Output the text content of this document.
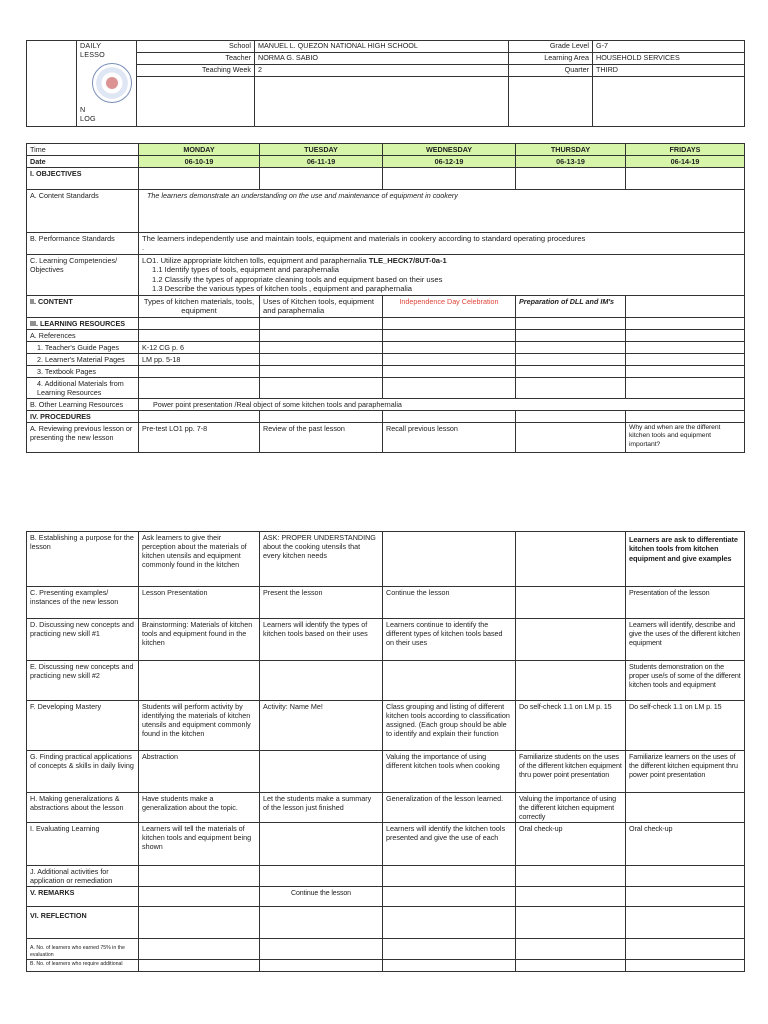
	DAILY
LESSO
N
LOG	School	MANUEL L. QUEZON NATIONAL HIGH SCHOOL	Grade Level	G-7
		Teacher	NORMA G. SABIO	Learning Area	HOUSEHOLD SERVICES
		Teaching Week	2	Quarter	THIRD

Time	MONDAY	TUESDAY	WEDNESDAY	THURSDAY	FRIDAYS
Date	06-10-19	06-11-19	06-12-19	06-13-19	06-14-19
I. OBJECTIVES					
A. Content Standards	The learners demonstrate an understanding on the use and maintenance of equipment in cookery				
B. Performance Standards	The learners independently use and maintain tools, equipment and materials in cookery according to standard operating procedures
.				

C. Learning Competencies/ Objectives	LO1. Utilize appropriate kitchen tolls, equipment and paraphernalia TLE_HECK7/8UT-0a-1
1.1 Identify types of tools, equipment and paraphernalia
1.2 Classify the types of appropriate cleaning tools and equipment based on their uses
1.3 Describe the various types of kitchen tools , equipment and paraphernalia				

II. CONTENT	Types of kitchen materials, tools, equipment	Uses of Kitchen tools, equipment and paraphernalia	Independence Day Celebration	Preparation of DLL and IM's	
III. LEARNING RESOURCES					
A. References					
1. Teacher's Guide Pages	K-12 CG p. 6				
2. Learner's Material Pages	LM pp. 5-18				
3. Textbook Pages					
4. Additional Materials from Learning Resources					
B. Other Learning Resources	Power point presentation /Real object of some kitchen tools and paraphernalia				
IV. PROCEDURES					
A. Reviewing previous lesson or presenting the new lesson	Pre-test LO1 pp. 7-8	Review of the past lesson	Recall previous lesson		Why and when are the different kitchen tools and equipment important?
B. Establishing a purpose for the lesson	Ask learners to give their perception about the materials of kitchen utensils and equipment commonly found in the kitchen	ASK: PROPER UNDERSTANDING about the cooking utensils that every kitchen needs			Learners are ask to differentiate kitchen tools from kitchen equipment and give examples
C. Presenting examples/ instances of the new lesson	Lesson Presentation	Present the lesson	Continue the lesson		Presentation of the lesson
D. Discussing new concepts and practicing new skill #1	Brainstorming: Materials of kitchen tools and equipment found in the kitchen	Learners will identify the types of kitchen tools based on their uses	Learners continue to identify the different types of kitchen tools based on their uses		Learners will identify, describe and give the uses of the different kitchen equipment
E. Discussing new concepts and practicing new skill #2					Students demonstration on the proper use/s of some of the different kitchen tools and equipment
F. Developing Mastery	Students will perform activity by identifying the materials of kitchen utensils and equipment commonly found in the kitchen	Activity: Name Me!	Class grouping and listing of different kitchen tools according to classification assigned. (Each group should be able to identify and explain their function	Do self-check 1.1 on LM p. 15	Do self-check 1.1 on LM p. 15
G. Finding practical applications of concepts & skills in daily living	Abstraction		Valuing the importance of using different kitchen tools when cooking	Familiarize students on the uses of the different kitchen equipment thru power point presentation	Familiarize learners on the uses of the different kitchen equipment thru power point presentation
H. Making generalizations & abstractions about the lesson	Have students make a generalization about the topic.	Let the students make a summary of the lesson just finished	Generalization of the lesson learned.	Valuing the importance of using the different kitchen equipment correctly	
I. Evaluating Learning	Learners will tell the materials of kitchen tools and equipment being shown		Learners will identify the kitchen tools presented and give the use of each	Oral check-up	Oral check-up
J. Additional activities for application or remediation					
V. REMARKS		Continue the lesson			
VI. REFLECTION					
A. No. of learners who earned 75% in the evaluation					
B. No. of learners who require additional					
